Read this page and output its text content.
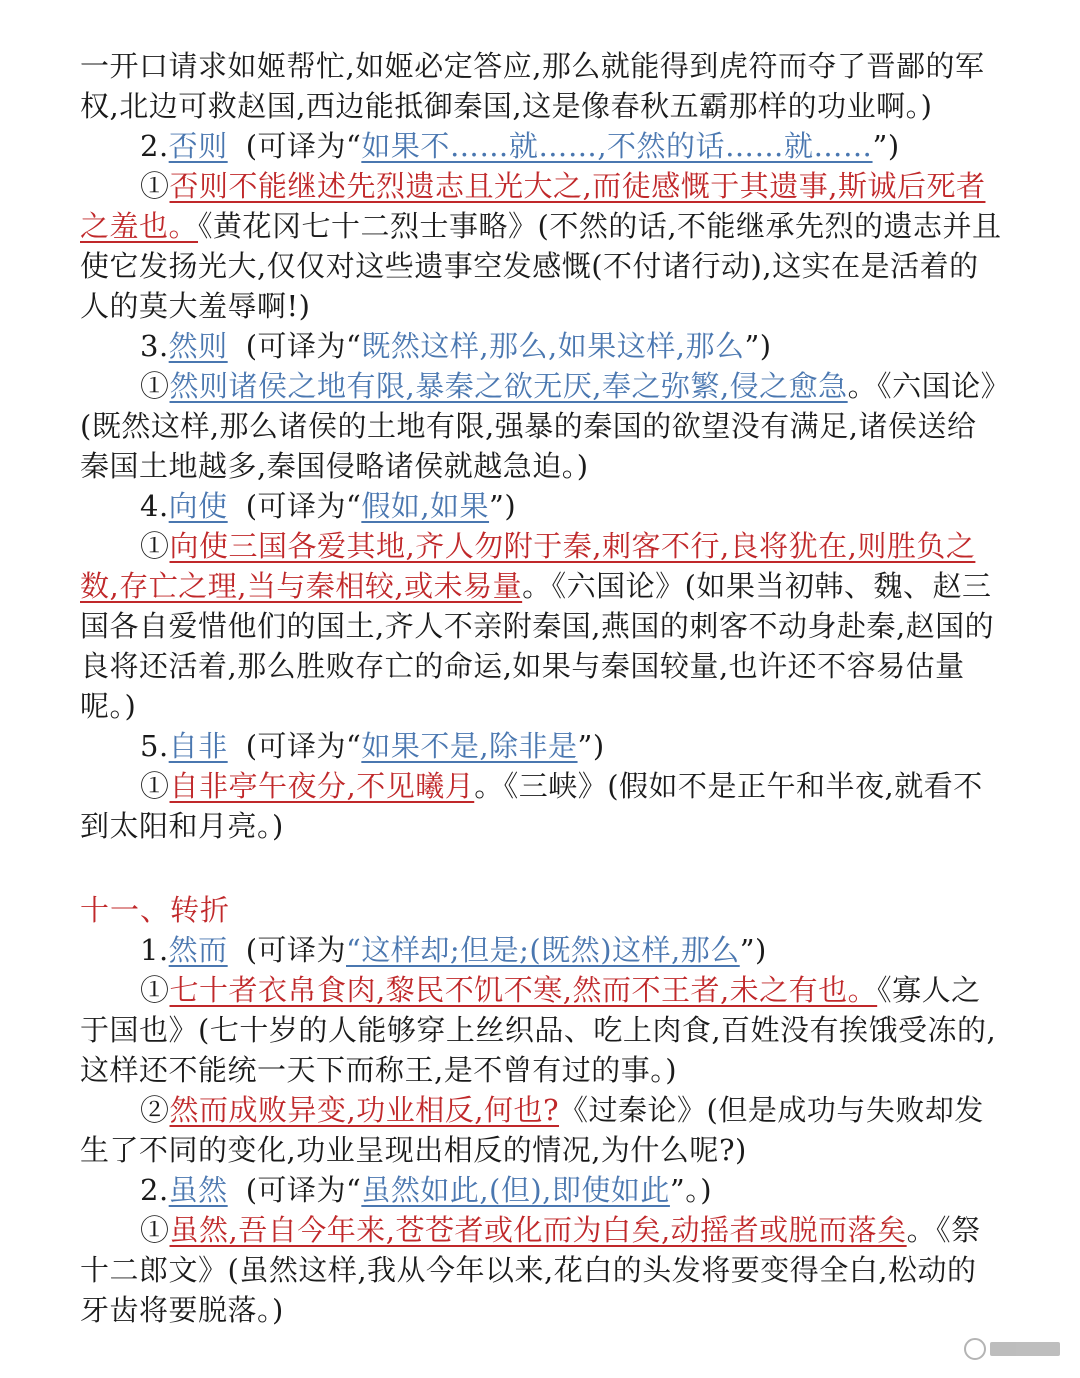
一开口请求如姬帮忙,如姬必定答应,那么就能得到虎符而夺了晋鄙的军权,北边可救赵国,西边能抵御秦国,这是像春秋五霸那样的功业啊。)

2.否则 (可译为“如果不……就……,不然的话……就……”)

①否则不能继述先烈遗志且光大之,而徒感慨于其遗事,斯诚后死者之羞也。《黄花冈七十二烈士事略》(不然的话,不能继承先烈的遗志并且使它发扬光大,仅仅对这些遗事空发感慨(不付诸行动),这实在是活着的人的莫大羞辱啊!)

3.然则 (可译为“既然这样,那么,如果这样,那么”)

①然则诸侯之地有限,暴秦之欲无厌,奉之弥繁,侵之愈急。《六国论》(既然这样,那么诸侯的土地有限,强暴的秦国的欲望没有满足,诸侯送给秦国土地越多,秦国侵略诸侯就越急迫。)

4.向使 (可译为“假如,如果”)

①向使三国各爱其地,齐人勿附于秦,刺客不行,良将犹在,则胜负之数,存亡之理,当与秦相较,或未易量。《六国论》(如果当初韩、魏、赵三国各自爱惜他们的国土,齐人不亲附秦国,燕国的刺客不动身赴秦,赵国的良将还活着,那么胜败存亡的命运,如果与秦国较量,也许还不容易估量呢。)

5.自非 (可译为“如果不是,除非是”)

①自非亭午夜分,不见曦月。《三峡》(假如不是正午和半夜,就看不到太阳和月亮。)

十一、转折

1.然而 (可译为“这样却;但是;(既然)这样,那么”)

①七十者衣帛食肉,黎民不饥不寒,然而不王者,未之有也。《寡人之于国也》(七十岁的人能够穿上丝织品、吃上肉食,百姓没有挨饿受冻的,这样还不能统一天下而称王,是不曾有过的事。)

②然而成败异变,功业相反,何也?《过秦论》(但是成功与失败却发生了不同的变化,功业呈现出相反的情况,为什么呢?)

2.虽然 (可译为“虽然如此,(但),即使如此”。)

①虽然,吾自今年来,苍苍者或化而为白矣,动摇者或脱而落矣。《祭十二郎文》(虽然这样,我从今年以来,花白的头发将要变得全白,松动的牙齿将要脱落。)
